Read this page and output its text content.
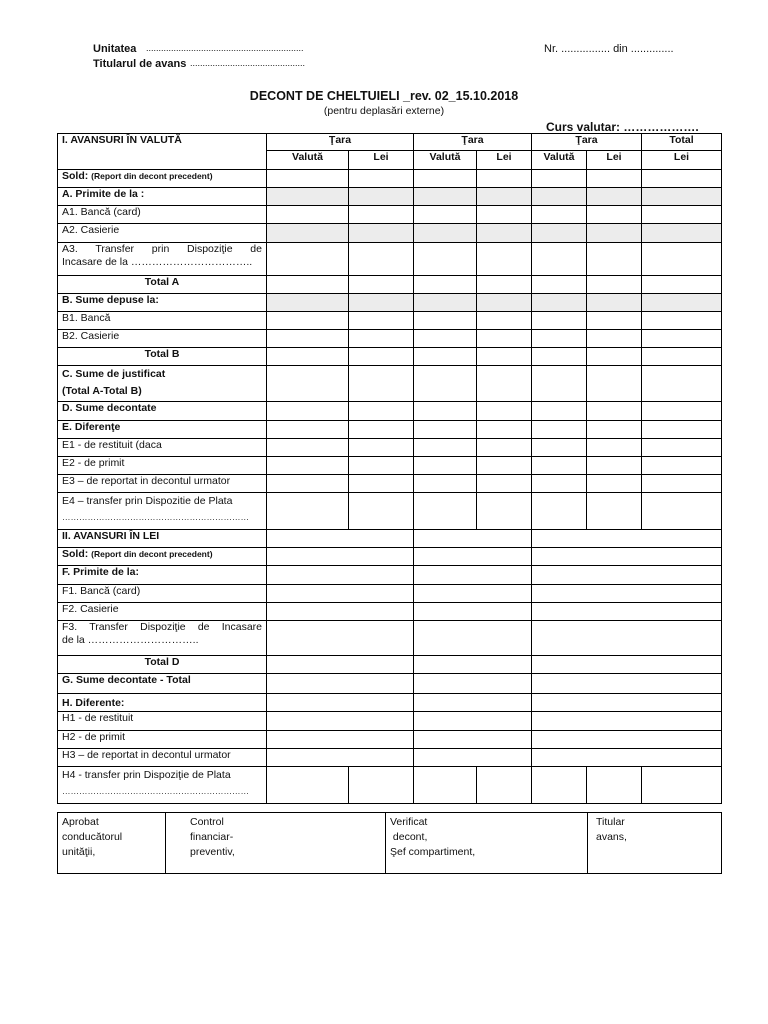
Unitatea ...............................................................
Titularul de avans ..............................................
Nr. ................ din ..............
DECONT DE CHELTUIELI _rev. 02_15.10.2018
(pentru deplasări externe)
Curs valutar: ……………….
I. AVANSURI ÎN VALUTĂ	Ţara		Ţara		Ţara		Total
	Valută	Lei	Valută	Lei	Valută	Lei	Lei
Sold: (Report din decont precedent)							
A. Primite de la :							
A1. Bancă (card)							
A2. Casierie							

A3. Transfer prin Dispoziţie de
Incasare de la ……………………………..							

Total A							
B. Sume depuse la:							
B1. Bancă							
B2. Casierie							
Total B							

C. Sume de justificat
(Total A-Total B)							

D. Sume decontate							
E. Diferenţe							
E1 - de restituit (daca							
E2 - de primit							
E3 – de reportat in decontul urmator							

E4 – transfer prin Dispozitie de Plata
…………………………………………………………							

II. AVANSURI ÎN LEI							
Sold: (Report din decont precedent)							
F. Primite de la:							
F1. Bancă (card)							
F2. Casierie							

F3. Transfer Dispoziţie de Incasare
de la …………………………..							

Total D							
G. Sume decontate - Total							
H. Diferente:							
H1 - de restituit							
H2 - de primit							
H3 – de reportat in decontul urmator							

H4 - transfer prin Dispoziţie de Plata
…………………………………………………………							

Aprobat
conducătorul
unităţii,

Control
financiar-
preventiv,

Verificat
decont,
Şef compartiment,

Titular
avans,
